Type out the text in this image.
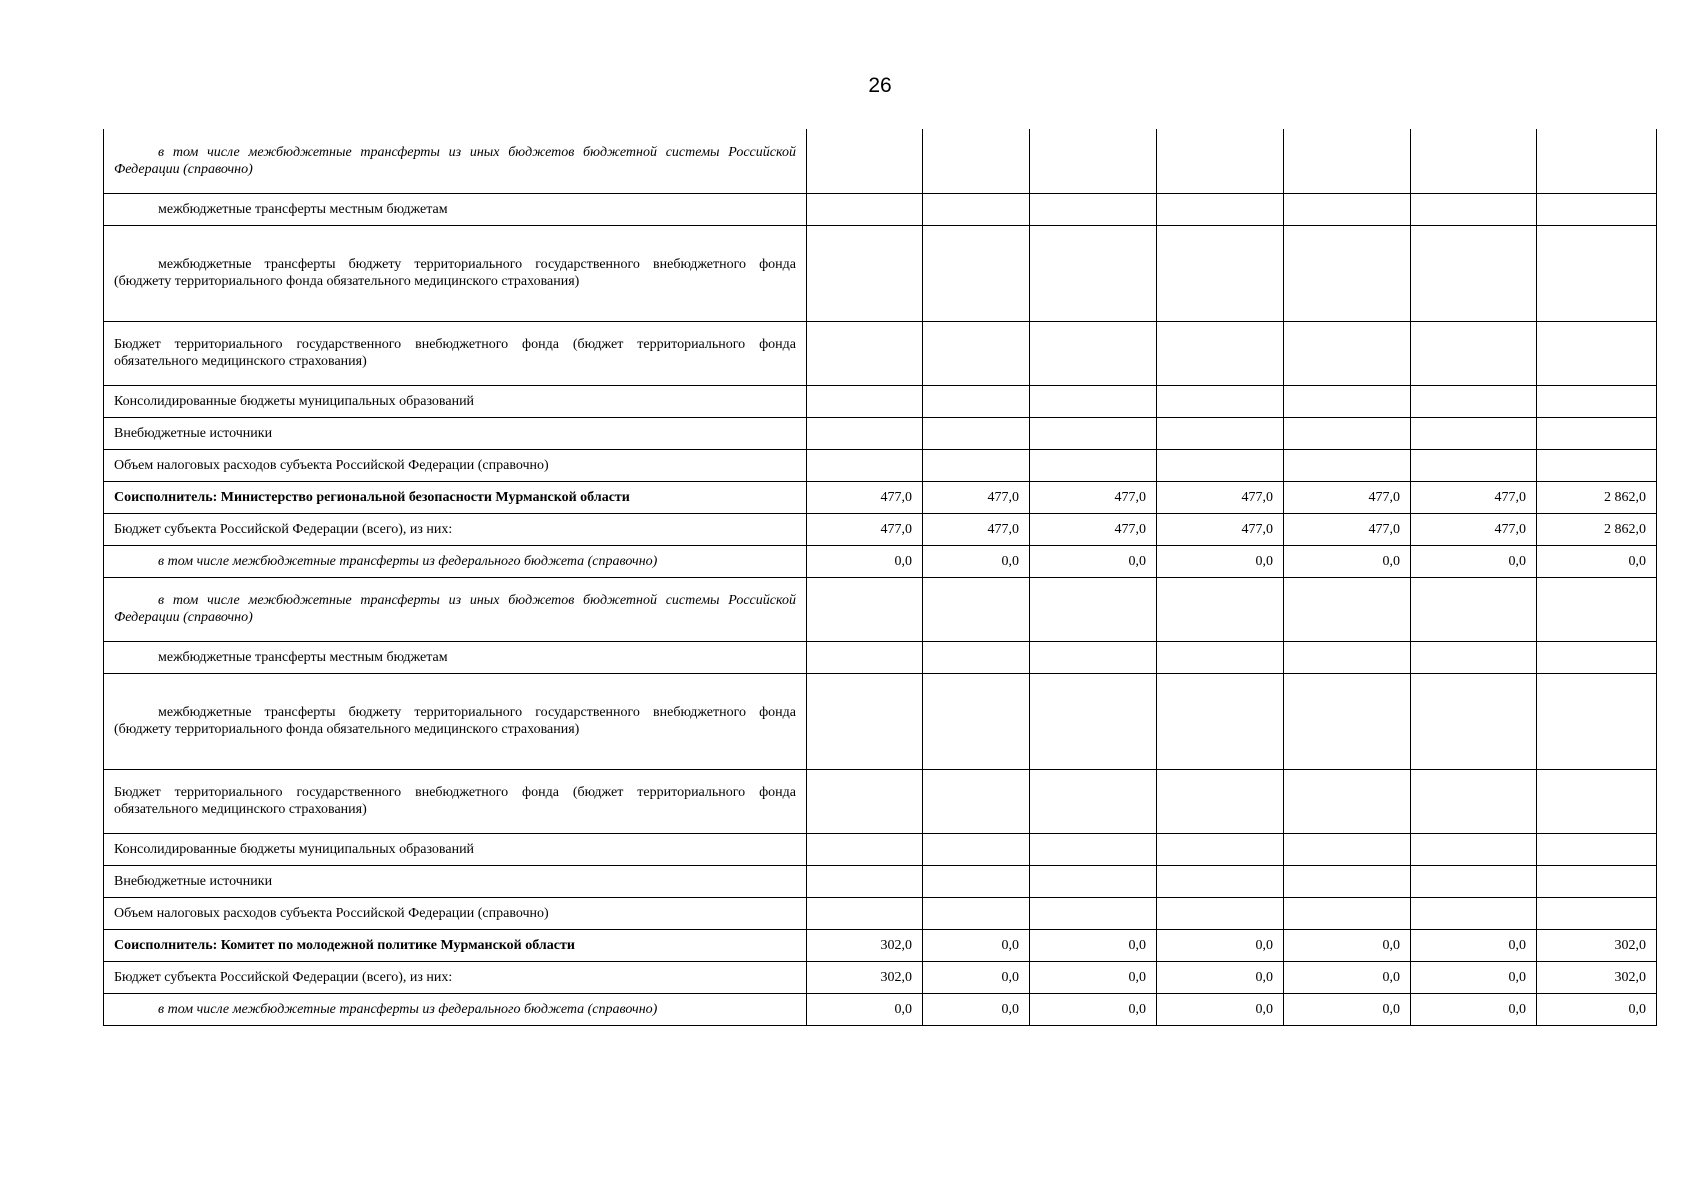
26
в том числе межбюджетные трансферты из иных бюджетов бюджетной системы Российской Федерации (справочно)							

межбюджетные трансферты местным бюджетам							

межбюджетные трансферты бюджету территориального государственного внебюджетного фонда (бюджету территориального фонда обязательного медицинского страхования)							

Бюджет территориального государственного внебюджетного фонда (бюджет территориального фонда обязательного медицинского страхования)							
Консолидированные бюджеты муниципальных образований							
Внебюджетные источники							
Объем налоговых расходов субъекта Российской Федерации (справочно)							
Соисполнитель: Министерство региональной безопасности Мурманской области	477,0	477,0	477,0	477,0	477,0	477,0	2 862,0
Бюджет субъекта Российской Федерации (всего), из них:	477,0	477,0	477,0	477,0	477,0	477,0	2 862,0

в том числе межбюджетные трансферты из федерального бюджета (справочно)	0,0	0,0	0,0	0,0	0,0	0,0	0,0

в том числе межбюджетные трансферты из иных бюджетов бюджетной системы Российской Федерации (справочно)							

межбюджетные трансферты местным бюджетам							

межбюджетные трансферты бюджету территориального государственного внебюджетного фонда (бюджету территориального фонда обязательного медицинского страхования)							

Бюджет территориального государственного внебюджетного фонда (бюджет территориального фонда обязательного медицинского страхования)							
Консолидированные бюджеты муниципальных образований							
Внебюджетные источники							
Объем налоговых расходов субъекта Российской Федерации (справочно)							
Соисполнитель: Комитет по молодежной политике Мурманской области	302,0	0,0	0,0	0,0	0,0	0,0	302,0
Бюджет субъекта Российской Федерации (всего), из них:	302,0	0,0	0,0	0,0	0,0	0,0	302,0

в том числе межбюджетные трансферты из федерального бюджета (справочно)	0,0	0,0	0,0	0,0	0,0	0,0	0,0
